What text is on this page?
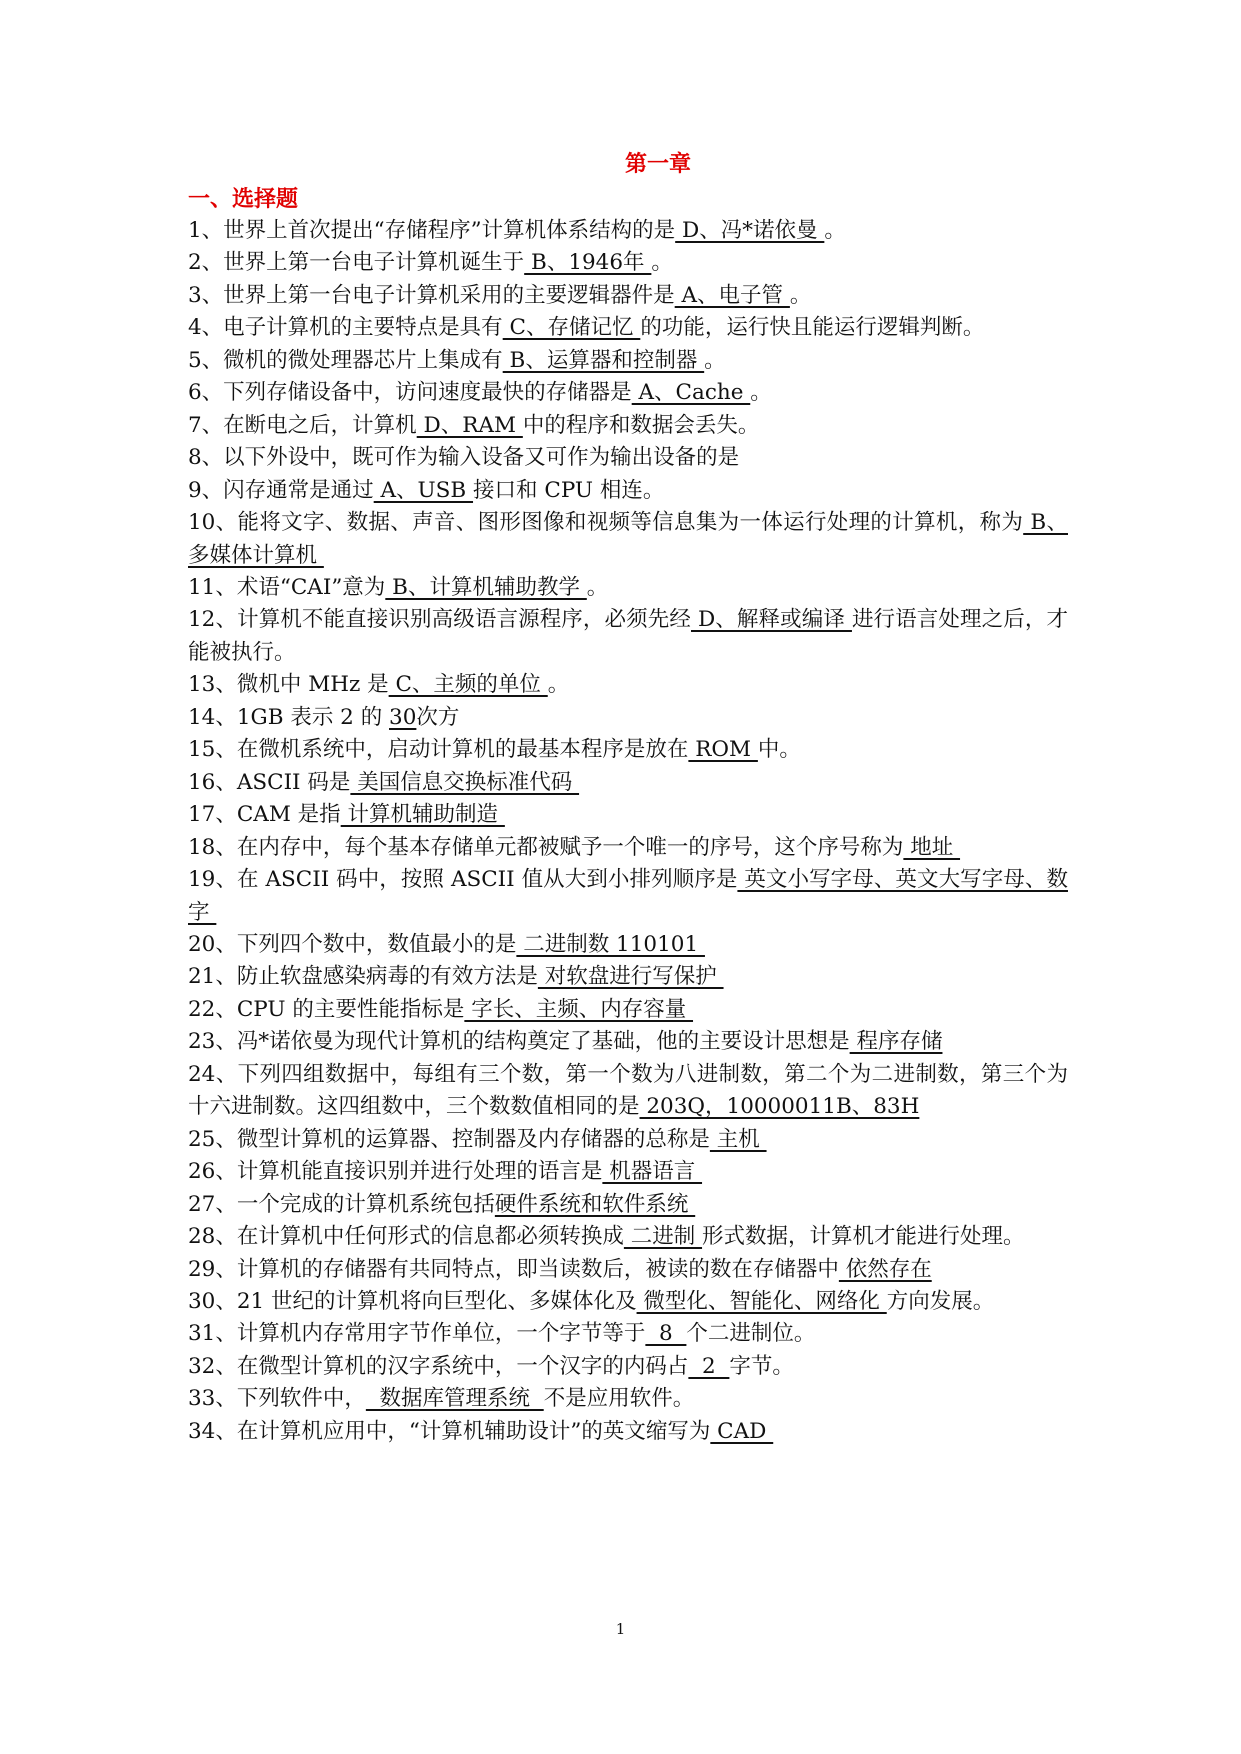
第一章
一、选择题
1、世界上首次提出“存储程序”计算机体系结构的是 D、冯*诺依曼 。
2、世界上第一台电子计算机诞生于 B、1946年 。
3、世界上第一台电子计算机采用的主要逻辑器件是 A、电子管 。
4、电子计算机的主要特点是具有 C、存储记忆 的功能，运行快且能运行逻辑判断。
5、微机的微处理器芯片上集成有 B、运算器和控制器 。
6、下列存储设备中，访问速度最快的存储器是 A、Cache 。
7、在断电之后，计算机 D、RAM 中的程序和数据会丢失。
8、以下外设中，既可作为输入设备又可作为输出设备的是
9、闪存通常是通过 A、USB 接口和 CPU 相连。
10、能将文字、数据、声音、图形图像和视频等信息集为一体运行处理的计算机，称为 B、多媒体计算机
11、术语“CAI”意为 B、计算机辅助教学 。
12、计算机不能直接识别高级语言源程序，必须先经 D、解释或编译 进行语言处理之后，才能被执行。
13、微机中 MHz 是 C、主频的单位 。
14、1GB 表示 2 的 30次方
15、在微机系统中，启动计算机的最基本程序是放在 ROM 中。
16、ASCII 码是 美国信息交换标准代码
17、CAM 是指 计算机辅助制造
18、在内存中，每个基本存储单元都被赋予一个唯一的序号，这个序号称为 地址
19、在 ASCII 码中，按照 ASCII 值从大到小排列顺序是 英文小写字母、英文大写字母、数字
20、下列四个数中，数值最小的是 二进制数 110101
21、防止软盘感染病毒的有效方法是 对软盘进行写保护
22、CPU 的主要性能指标是 字长、主频、内存容量
23、冯*诺依曼为现代计算机的结构奠定了基础，他的主要设计思想是 程序存储
24、下列四组数据中，每组有三个数，第一个数为八进制数，第二个为二进制数，第三个为十六进制数。这四组数中，三个数数值相同的是 203Q，10000011B、83H
25、微型计算机的运算器、控制器及内存储器的总称是 主机
26、计算机能直接识别并进行处理的语言是 机器语言
27、一个完成的计算机系统包括硬件系统和软件系统
28、在计算机中任何形式的信息都必须转换成 二进制 形式数据，计算机才能进行处理。
29、计算机的存储器有共同特点，即当读数后，被读的数在存储器中 依然存在
30、21 世纪的计算机将向巨型化、多媒体化及 微型化、智能化、网络化 方向发展。
31、计算机内存常用字节作单位，一个字节等于  8  个二进制位。
32、在微型计算机的汉字系统中，一个汉字的内码占  2  字节。
33、下列软件中，  数据库管理系统  不是应用软件。
34、在计算机应用中，“计算机辅助设计”的英文缩写为 CAD
1
